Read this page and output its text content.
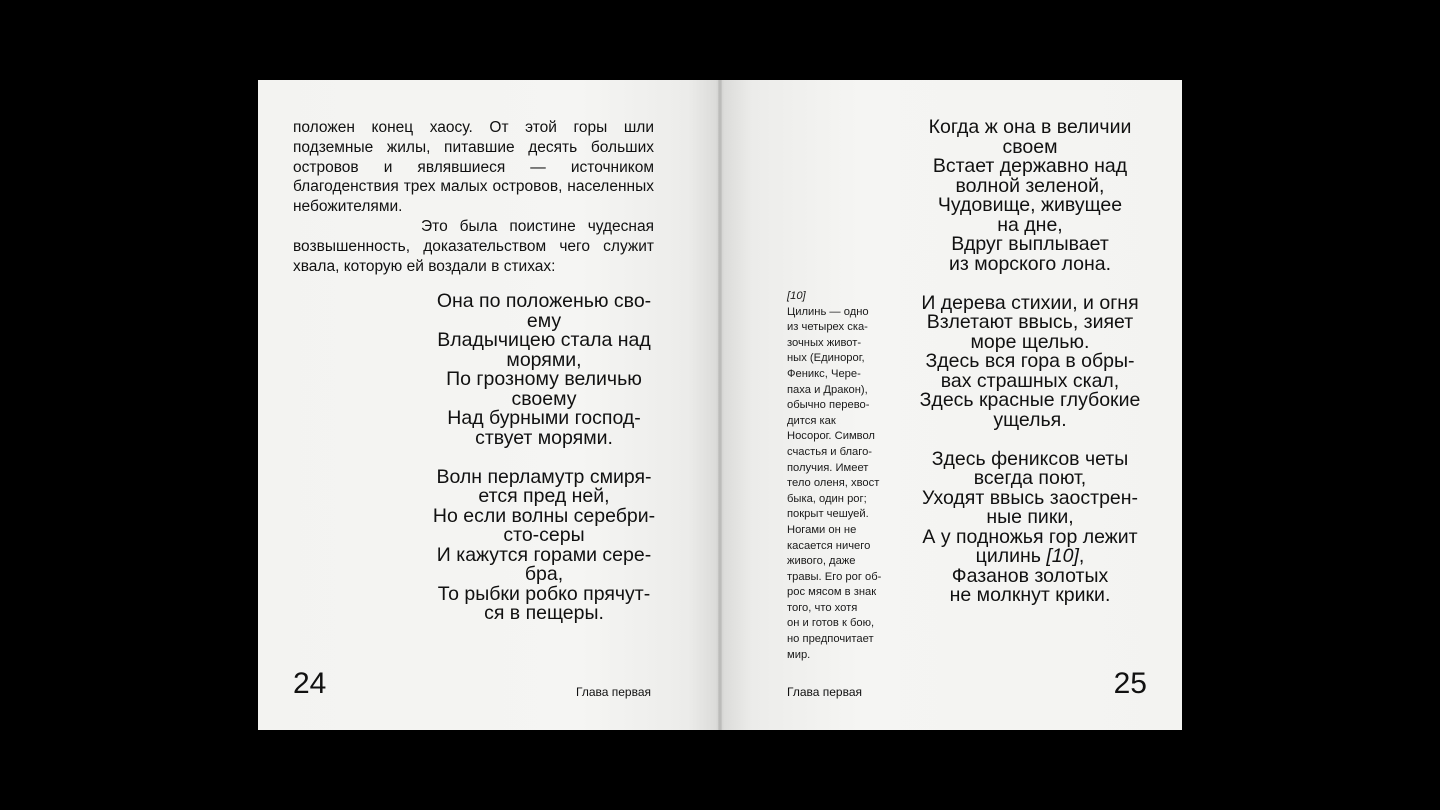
положен конец хаосу. От этой горы шли подземные жилы, питавшие десять больших островов и являвшиеся — источником благоденствия трех малых островов, населенных небожителями.

Это была поистине чудесная возвышенность, доказательством чего служит хвала, которую ей воздали в стихах:

Она по положенью сво-
ему
Владычицею стала над
морями,
По грозному величью
своему
Над бурными господ-
ствует морями.
Волн перламутр смиря-
ется пред ней,
Но если волны серебри-
сто-серы
И кажутся горами сере-
бра,
То рыбки робко прячут-
ся в пещеры.
24	Глава первая
Когда ж она в величии
своем
Встает державно над
волной зеленой,
Чудовище, живущее
на дне,
Вдруг выплывает
из морского лона.
И дерева стихии, и огня
Взлетают ввысь, зияет
море щелью.
Здесь вся гора в обры-
вах страшных скал,
Здесь красные глубокие
ущелья.
Здесь фениксов четы
всегда поют,
Уходят ввысь заострен-
ные пики,
А у подножья гор лежит
цилинь [10],
Фазанов золотых
не молкнут крики.
25
[10]
Цилинь — одно
из четырех ска-
зочных живот-
ных (Единорог,
Феникс, Чере-
паха и Дракон),
обычно перево-
дится как
Носорог. Символ
счастья и благо-
получия. Имеет
тело оленя, хвост
быка, один рог;
покрыт чешуей.
Ногами он не
касается ничего
живого, даже
травы. Его рог об-
рос мясом в знак
того, что хотя
он и готов к бою,
но предпочитает
мир.
Глава первая
